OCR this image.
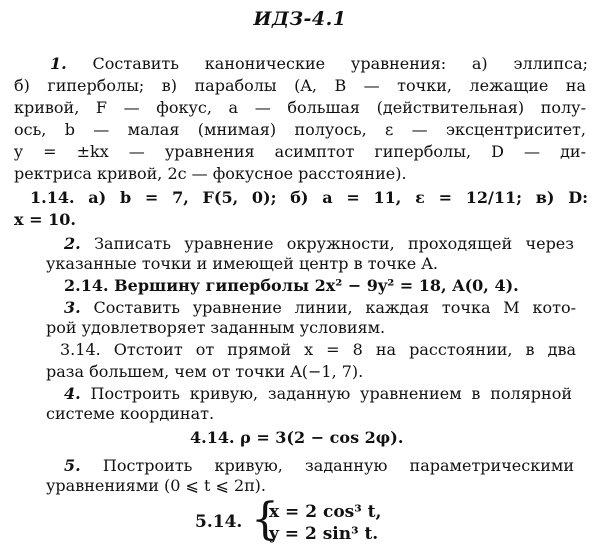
ИДЗ-4.1
1. Составить канонические уравнения: а) эллипса;
б) гиперболы; в) параболы (A, B — точки, лежащие на
кривой, F — фокус, a — большая (действительная) полу-
ось, b — малая (мнимая) полуось, ε — эксцентриситет,
y = ±kx — уравнения асимптот гиперболы, D — ди-
ректриса кривой, 2c — фокусное расстояние).
1.14. а) b = 7, F(5, 0); б) a = 11, ε = 12/11; в) D:
x = 10.
2. Записать уравнение окружности, проходящей через
указанные точки и имеющей центр в точке A.
2.14. Вершину гиперболы 2x² − 9y² = 18, A(0, 4).
3. Составить уравнение линии, каждая точка M кото-
рой удовлетворяет заданным условиям.
3.14. Отстоит от прямой x = 8 на расстоянии, в два
раза большем, чем от точки A(−1, 7).
4. Построить кривую, заданную уравнением в полярной
системе координат.
4.14. ρ = 3(2 − cos 2φ).
5. Построить кривую, заданную параметрическими
уравнениями (0 ⩽ t ⩽ 2π).
5.14. {
x = 2 cos³ t,
y = 2 sin³ t.
